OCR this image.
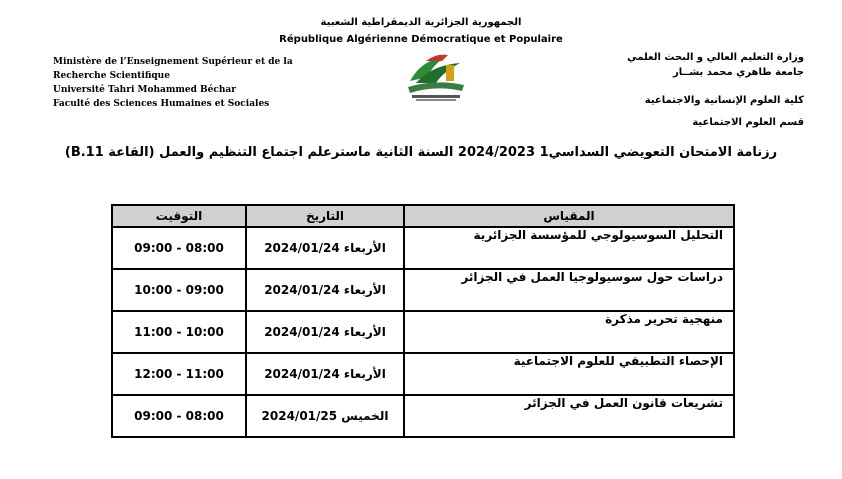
الجمهورية الجزائرية الديمقراطية الشعبية
République Algérienne Démocratique et Populaire
Ministère de l’Enseignement Supérieur et de la
Recherche Scientifique
Université Tahri Mohammed Béchar
Faculté des Sciences Humaines et Sociales
وزارة التعليم العالي و البحث العلمي
جامعة طاهري محمد بشــار
كلية العلوم الإنسانية والاجتماعية
قسم العلوم الاجتماعية
رزنامة الامتحان التعويضي السداسي1 2024/2023 السنة الثانية ماسترعلم اجتماع التنظيم والعمل (القاعة B.11)
المقياس	التاريخ	التوقيت
التحليل السوسيولوجي للمؤسسة الجزائرية	الأربعاء 2024/01/24	09:00 - 08:00
دراسات حول سوسيولوجيا العمل في الجزائر	الأربعاء 2024/01/24	10:00 - 09:00
منهجية تحرير مذكرة	الأربعاء 2024/01/24	11:00 - 10:00
الإحصاء التطبيقي للعلوم الاجتماعية	الأربعاء 2024/01/24	12:00 - 11:00
تشريعات قانون العمل في الجزائر	الخميس 2024/01/25	09:00 - 08:00
